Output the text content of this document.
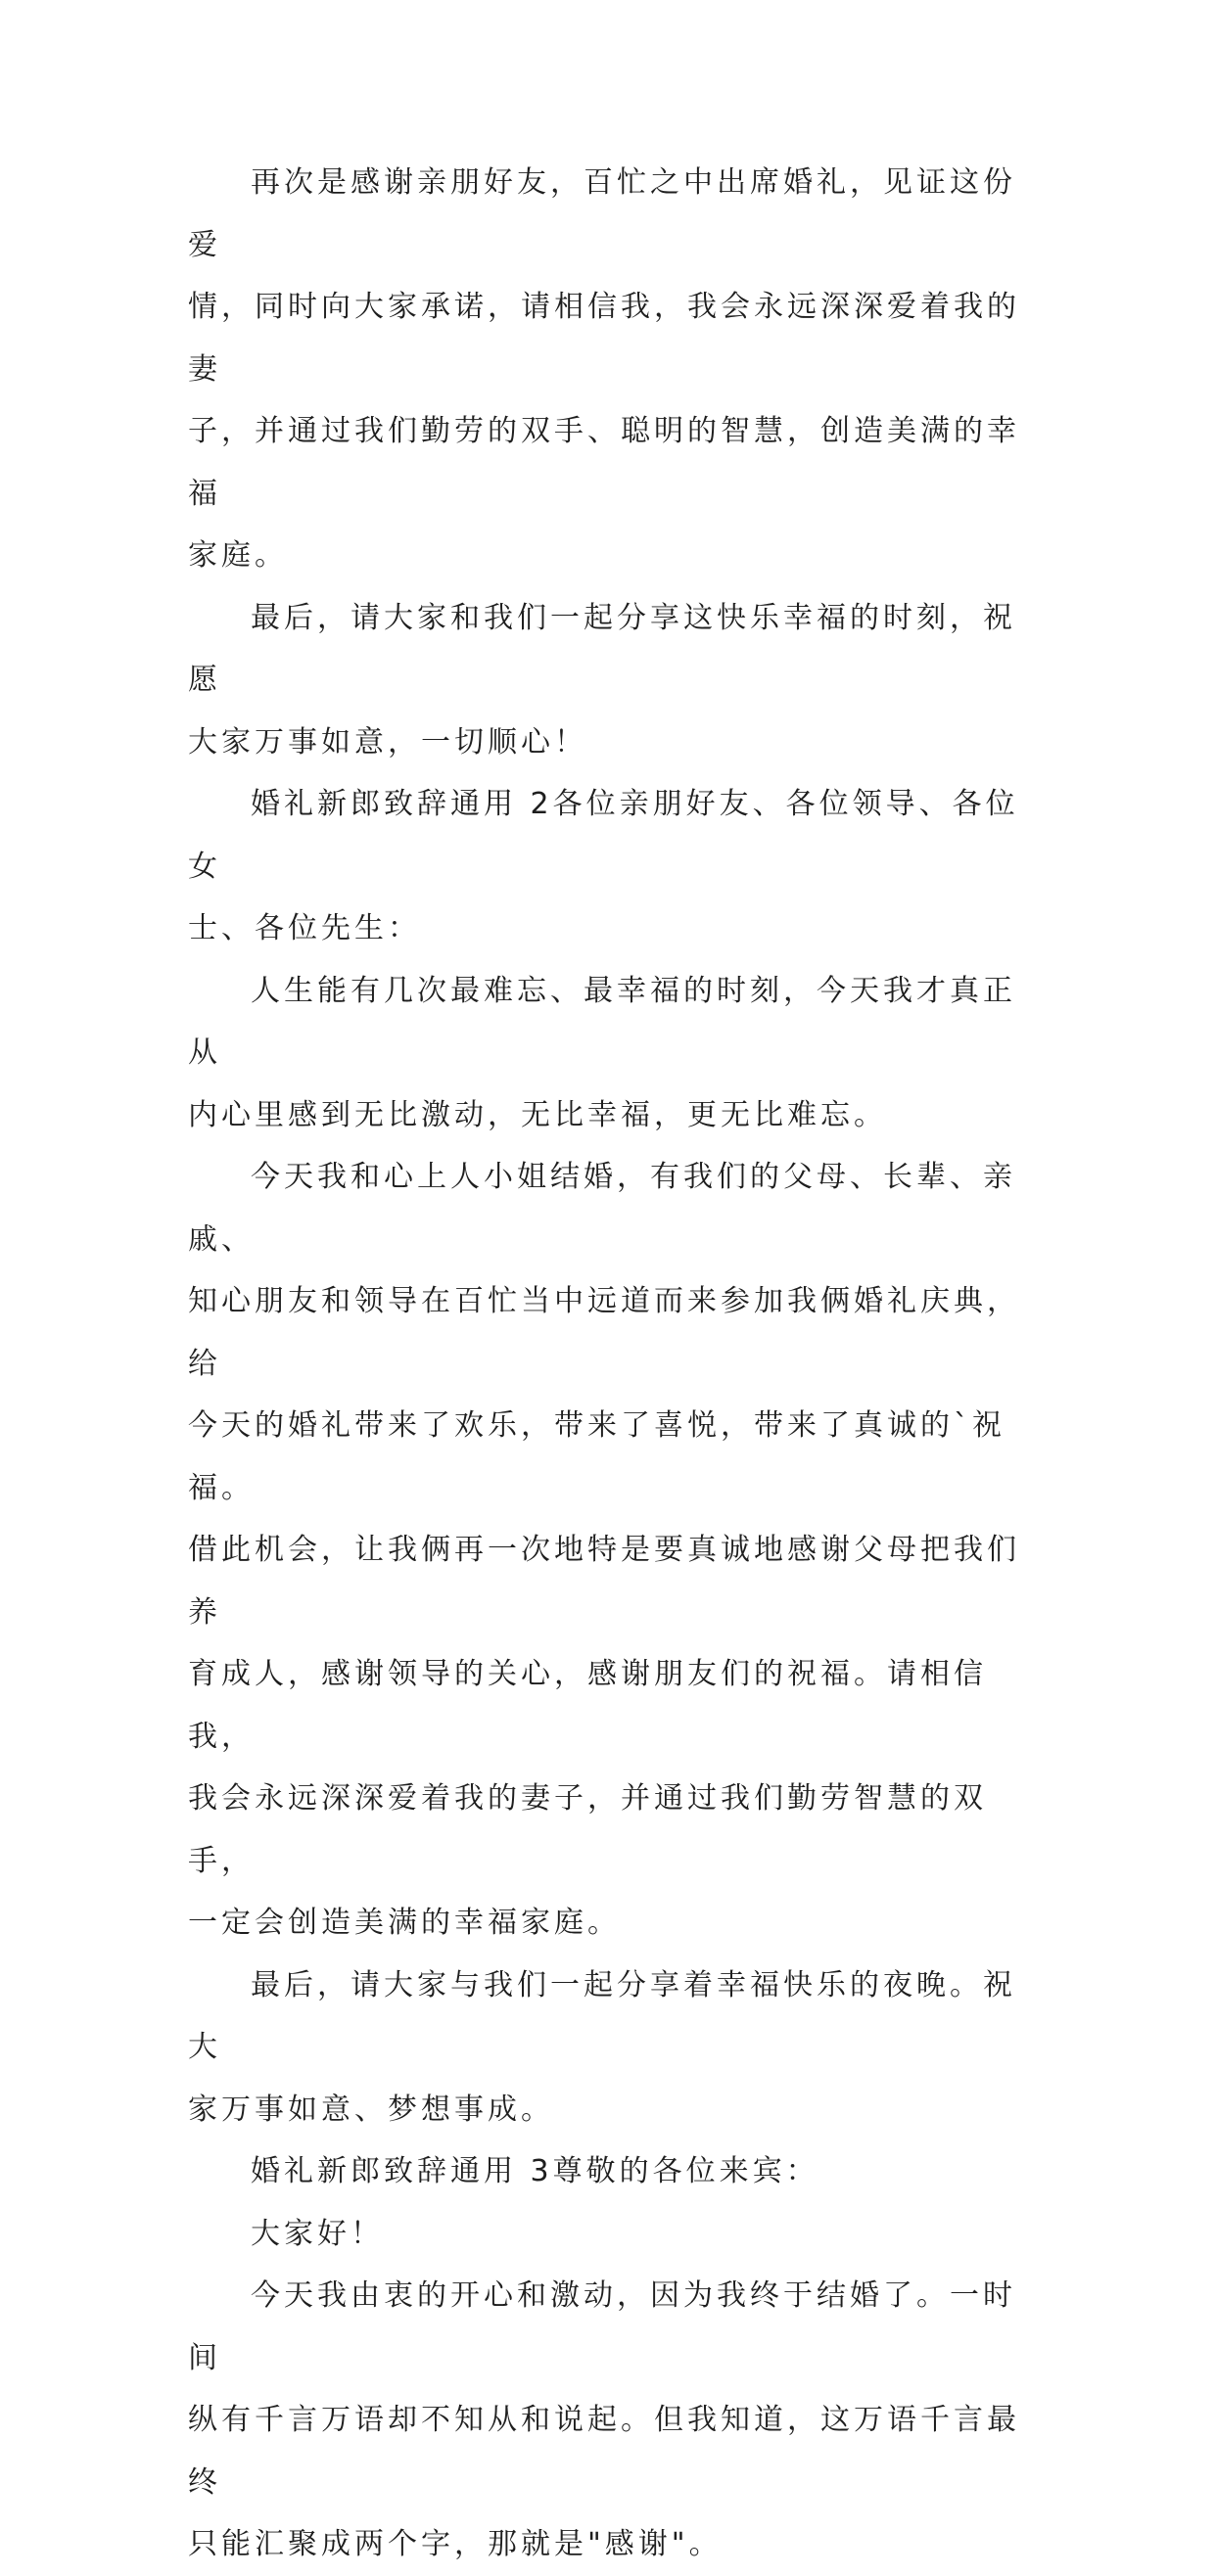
再次是感谢亲朋好友，百忙之中出席婚礼，见证这份爱
情，同时向大家承诺，请相信我，我会永远深深爱着我的妻
子，并通过我们勤劳的双手、聪明的智慧，创造美满的幸福
家庭。

最后，请大家和我们一起分享这快乐幸福的时刻，祝愿
大家万事如意，一切顺心！

婚礼新郎致辞通用 2各位亲朋好友、各位领导、各位女
士、各位先生：

人生能有几次最难忘、最幸福的时刻，今天我才真正从
内心里感到无比激动，无比幸福，更无比难忘。

今天我和心上人小姐结婚，有我们的父母、长辈、亲戚、
知心朋友和领导在百忙当中远道而来参加我俩婚礼庆典，给
今天的婚礼带来了欢乐，带来了喜悦，带来了真诚的`祝福。
借此机会，让我俩再一次地特是要真诚地感谢父母把我们养
育成人，感谢领导的关心，感谢朋友们的祝福。请相信我，
我会永远深深爱着我的妻子，并通过我们勤劳智慧的双手，
一定会创造美满的幸福家庭。

最后，请大家与我们一起分享着幸福快乐的夜晚。祝大
家万事如意、梦想事成。

婚礼新郎致辞通用 3尊敬的各位来宾：

大家好！

今天我由衷的开心和激动，因为我终于结婚了。一时间
纵有千言万语却不知从和说起。但我知道，这万语千言最终
只能汇聚成两个字，那就是"感谢"。
